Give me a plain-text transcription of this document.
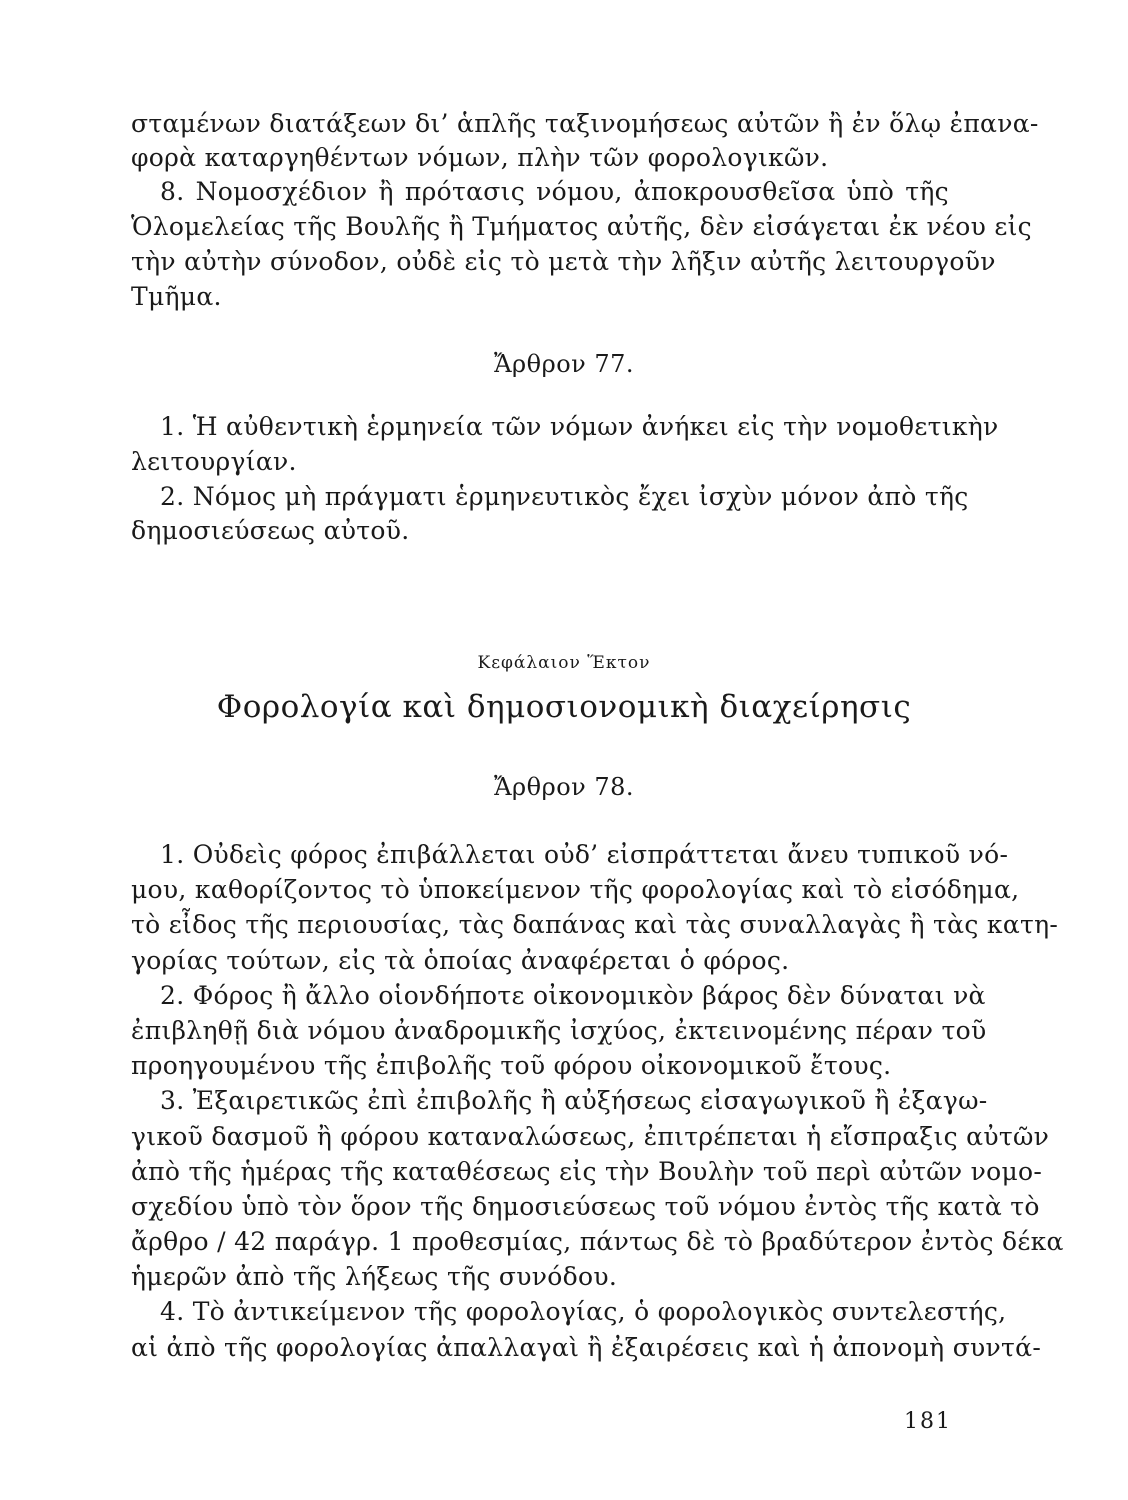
σταμένων διατάξεων δι’ ἁπλῆς ταξινομήσεως αὐτῶν ἢ ἐν ὅλῳ ἐπανα-
φορὰ καταργηθέντων νόμων, πλὴν τῶν φορολογικῶν.
8. Νομοσχέδιον ἢ πρότασις νόμου, ἀποκρουσθεῖσα ὑπὸ τῆς
Ὁλομελείας τῆς Βουλῆς ἢ Τμήματος αὐτῆς, δὲν εἰσάγεται ἐκ νέου εἰς
τὴν αὐτὴν σύνοδον, οὐδὲ εἰς τὸ μετὰ τὴν λῆξιν αὐτῆς λειτουργοῦν
Τμῆμα.
Ἄρθρον 77.
1. Ἡ αὐθεντικὴ ἑρμηνεία τῶν νόμων ἀνήκει εἰς τὴν νομοθετικὴν
λειτουργίαν.
2. Νόμος μὴ πράγματι ἑρμηνευτικὸς ἔχει ἰσχὺν μόνον ἀπὸ τῆς
δημοσιεύσεως αὐτοῦ.
Κεφάλαιον Ἕκτον
Φορολογία καὶ δημοσιονομικὴ διαχείρησις
Ἄρθρον 78.
1. Οὐδεὶς φόρος ἐπιβάλλεται οὐδ’ εἰσπράττεται ἄνευ τυπικοῦ νό-
μου, καθορίζοντος τὸ ὑποκείμενον τῆς φορολογίας καὶ τὸ εἰσόδημα,
τὸ εἶδος τῆς περιουσίας, τὰς δαπάνας καὶ τὰς συναλλαγὰς ἢ τὰς κατη-
γορίας τούτων, εἰς τὰ ὁποίας ἀναφέρεται ὁ φόρος.
2. Φόρος ἢ ἄλλο οἱονδήποτε οἰκονομικὸν βάρος δὲν δύναται νὰ
ἐπιβληθῇ διὰ νόμου ἀναδρομικῆς ἰσχύος, ἐκτεινομένης πέραν τοῦ
προηγουμένου τῆς ἐπιβολῆς τοῦ φόρου οἰκονομικοῦ ἔτους.
3. Ἐξαιρετικῶς ἐπὶ ἐπιβολῆς ἢ αὐξήσεως εἰσαγωγικοῦ ἢ ἐξαγω-
γικοῦ δασμοῦ ἢ φόρου καταναλώσεως, ἐπιτρέπεται ἡ εἴσπραξις αὐτῶν
ἀπὸ τῆς ἡμέρας τῆς καταθέσεως εἰς τὴν Βουλὴν τοῦ περὶ αὐτῶν νομο-
σχεδίου ὑπὸ τὸν ὅρον τῆς δημοσιεύσεως τοῦ νόμου ἐντὸς τῆς κατὰ τὸ
ἄρθρο / 42 παράγρ. 1 προθεσμίας, πάντως δὲ τὸ βραδύτερον ἐντὸς δέκα
ἡμερῶν ἀπὸ τῆς λήξεως τῆς συνόδου.
4. Τὸ ἀντικείμενον τῆς φορολογίας, ὁ φορολογικὸς συντελεστής,
αἱ ἀπὸ τῆς φορολογίας ἀπαλλαγαὶ ἢ ἐξαιρέσεις καὶ ἡ ἀπονομὴ συντά-
181
